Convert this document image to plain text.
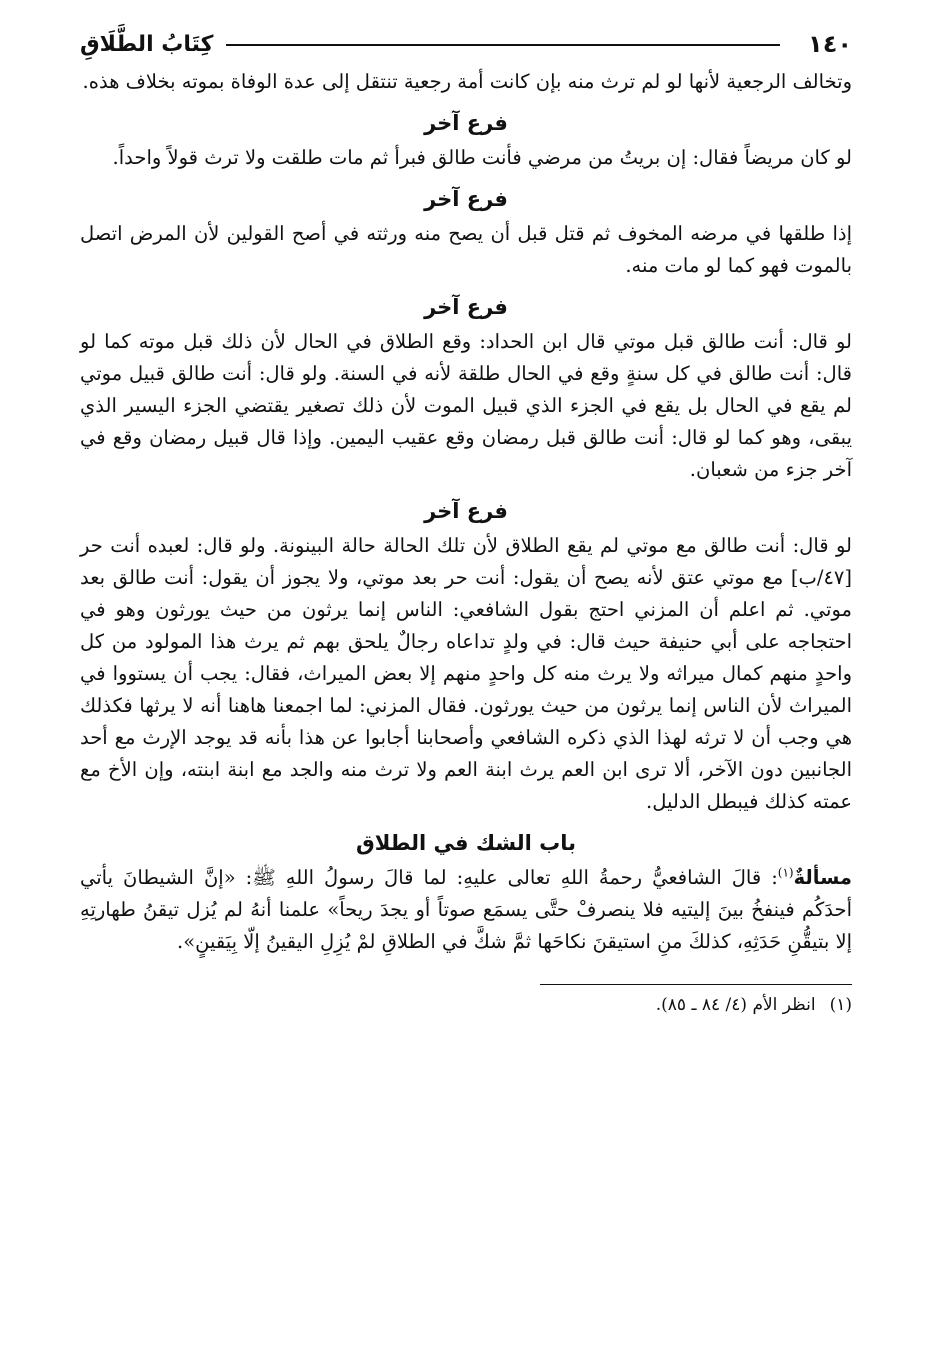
١٤٠
كِتَابُ الطَّلَاقِ

وتخالف الرجعية لأنها لو لم ترث منه بإن كانت أمة رجعية تنتقل إلى عدة الوفاة بموته بخلاف هذه.

فرع آخر

لو كان مريضاً فقال: إن بريتُ من مرضي فأنت طالق فبرأ ثم مات طلقت ولا ترث قولاً واحداً.

فرع آخر

إذا طلقها في مرضه المخوف ثم قتل قبل أن يصح منه ورثته في أصح القولين لأن المرض اتصل بالموت فهو كما لو مات منه.

فرع آخر

لو قال: أنت طالق قبل موتي قال ابن الحداد: وقع الطلاق في الحال لأن ذلك قبل موته كما لو قال: أنت طالق في كل سنةٍ وقع في الحال طلقة لأنه في السنة. ولو قال: أنت طالق قبيل موتي لم يقع في الحال بل يقع في الجزء الذي قبيل الموت لأن ذلك تصغير يقتضي الجزء اليسير الذي يبقى، وهو كما لو قال: أنت طالق قبل رمضان وقع عقيب اليمين. وإذا قال قبيل رمضان وقع في آخر جزء من شعبان.

فرع آخر

لو قال: أنت طالق مع موتي لم يقع الطلاق لأن تلك الحالة حالة البينونة. ولو قال: لعبده أنت حر [٤٧/ب] مع موتي عتق لأنه يصح أن يقول: أنت حر بعد موتي، ولا يجوز أن يقول: أنت طالق بعد موتي. ثم اعلم أن المزني احتج بقول الشافعي: الناس إنما يرثون من حيث يورثون وهو في احتجاجه على أبي حنيفة حيث قال: في ولدٍ تداعاه رجالٌ يلحق بهم ثم يرث هذا المولود من كل واحدٍ منهم كمال ميراثه ولا يرث منه كل واحدٍ منهم إلا بعض الميراث، فقال: يجب أن يستووا في الميراث لأن الناس إنما يرثون من حيث يورثون. فقال المزني: لما اجمعنا هاهنا أنه لا يرثها فكذلك هي وجب أن لا ترثه لهذا الذي ذكره الشافعي وأصحابنا أجابوا عن هذا بأنه قد يوجد الإرث مع أحد الجانبين دون الآخر، ألا ترى ابن العم يرث ابنة العم ولا ترث منه والجد مع ابنة ابنته، وإن الأخ مع عمته كذلك فيبطل الدليل.

باب الشك في الطلاق

مسألةٌ$^{(١)}$: قالَ الشافعيُّ رحمةُ اللهِ تعالى عليهِ: لما قالَ رسولُ اللهِ ﷺ: «إنَّ الشيطانَ يأتي أحدَكُم فينفخُ بينَ إليتيه فلا ينصرفْ حتَّى يسمَع صوتاً أو يجدَ ريحاً» علمنا أنهُ لم يُزل تيقنُ طهارتِهِ إلا بتيقُّنِ حَدَثِهِ، كذلكَ منِ استيقنَ نكاحَها ثمَّ شكَّ في الطلاقِ لمْ يُزِلِ اليقينُ إلّا بِيَقينٍ».

(١)انظر الأم (٤/ ٨٤ ـ ٨٥).
